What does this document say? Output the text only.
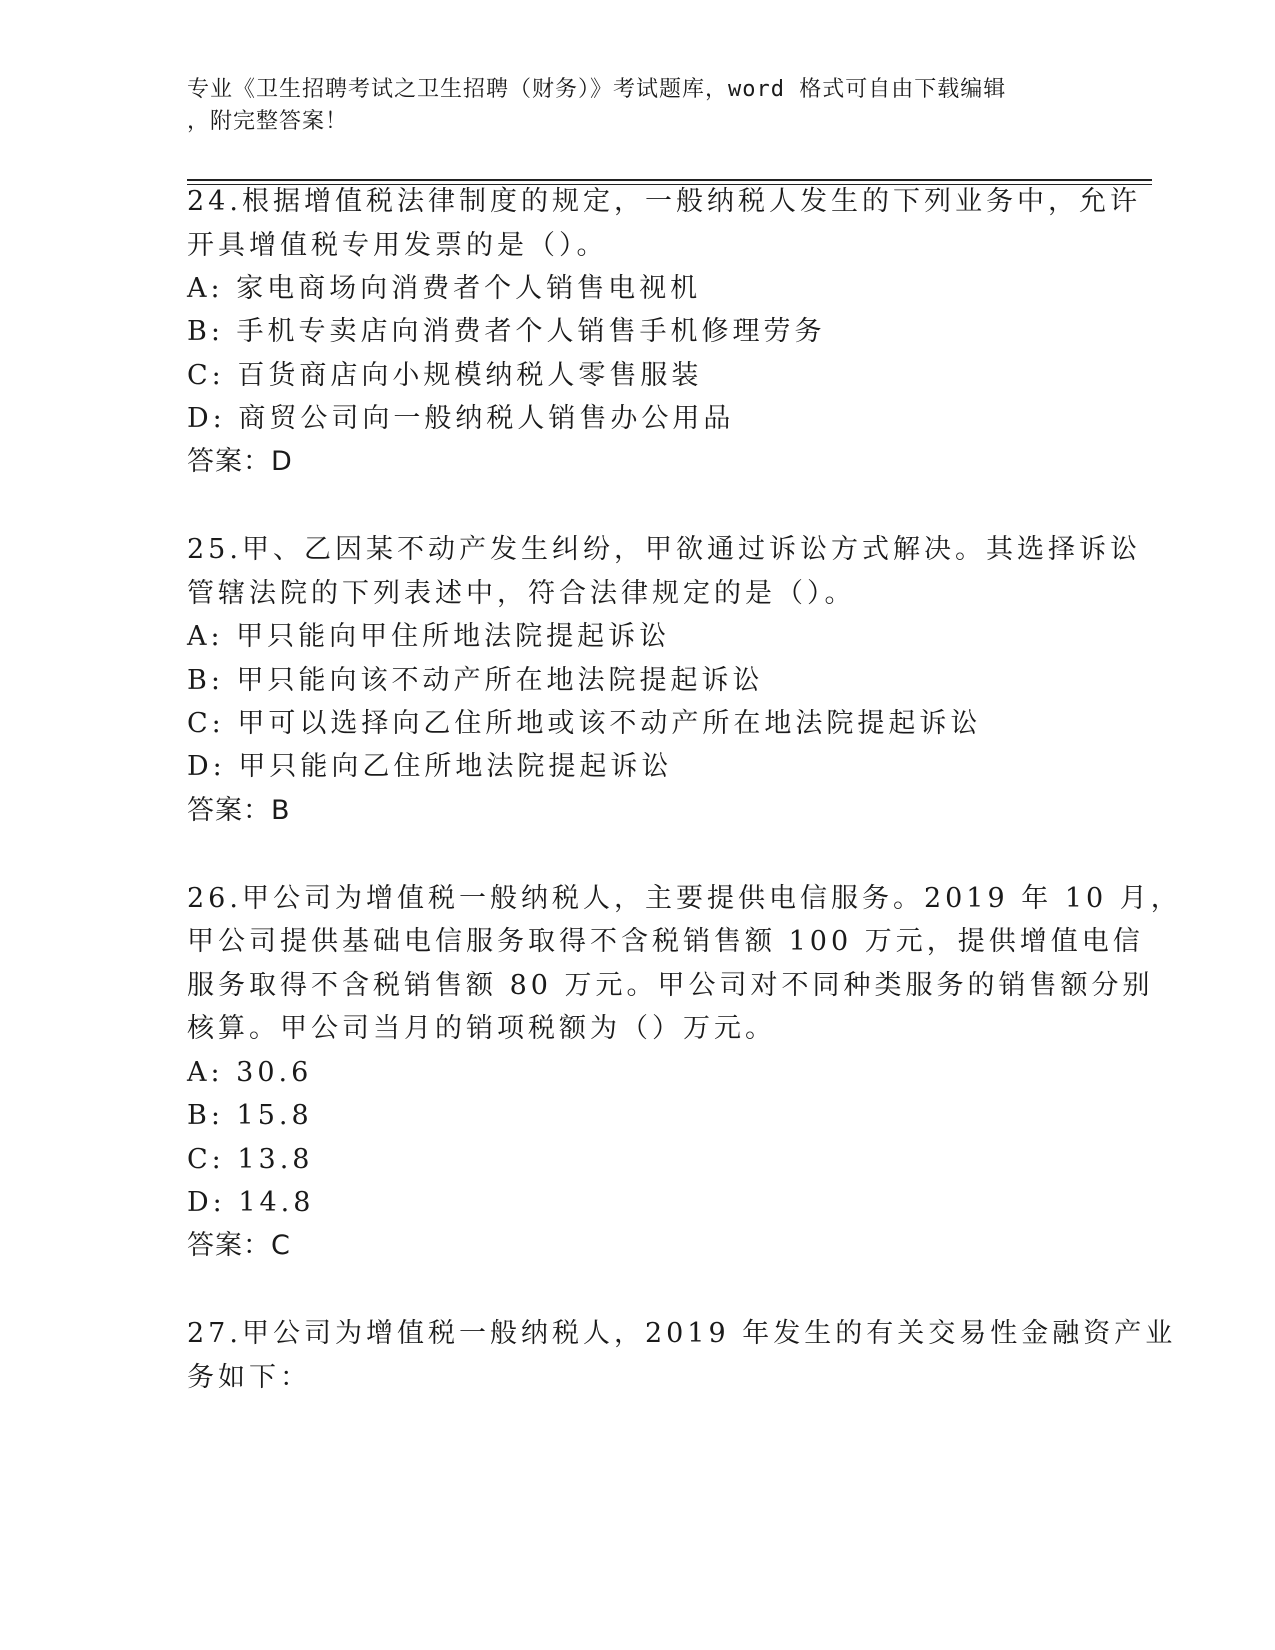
专业《卫生招聘考试之卫生招聘（财务）》考试题库，word 格式可自由下载编辑
，附完整答案！
24.根据增值税法律制度的规定，一般纳税人发生的下列业务中，允许
开具增值税专用发票的是（）。
A: 家电商场向消费者个人销售电视机
B: 手机专卖店向消费者个人销售手机修理劳务
C: 百货商店向小规模纳税人零售服装
D: 商贸公司向一般纳税人销售办公用品
答案：D
25.甲、乙因某不动产发生纠纷，甲欲通过诉讼方式解决。其选择诉讼
管辖法院的下列表述中，符合法律规定的是（）。
A: 甲只能向甲住所地法院提起诉讼
B: 甲只能向该不动产所在地法院提起诉讼
C: 甲可以选择向乙住所地或该不动产所在地法院提起诉讼
D: 甲只能向乙住所地法院提起诉讼
答案：B
26.甲公司为增值税一般纳税人，主要提供电信服务。2019 年 10 月，
甲公司提供基础电信服务取得不含税销售额 100 万元，提供增值电信
服务取得不含税销售额 80 万元。甲公司对不同种类服务的销售额分别
核算。甲公司当月的销项税额为（）万元。
A: 30.6
B: 15.8
C: 13.8
D: 14.8
答案：C
27.甲公司为增值税一般纳税人，2019 年发生的有关交易性金融资产业
务如下：
